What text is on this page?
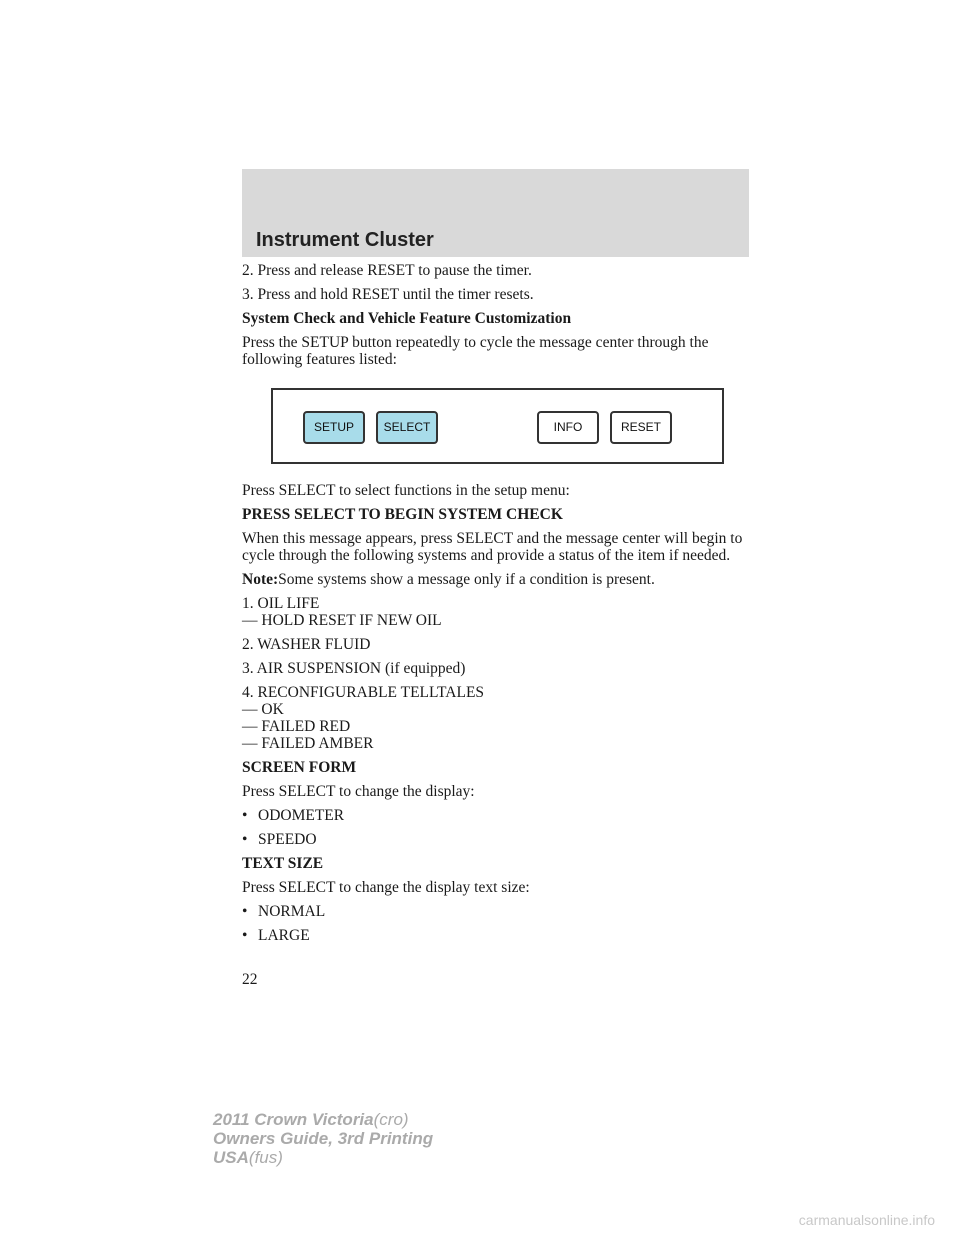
Instrument Cluster

2. Press and release RESET to pause the timer.

3. Press and hold RESET until the timer resets.

System Check and Vehicle Feature Customization

Press the SETUP button repeatedly to cycle the message center through the following features listed:

SETUP	SELECT	INFO	RESET

Press SELECT to select functions in the setup menu:

PRESS SELECT TO BEGIN SYSTEM CHECK

When this message appears, press SELECT and the message center will begin to cycle through the following systems and provide a status of the item if needed.

Note:Some systems show a message only if a condition is present.

1. OIL LIFE
— HOLD RESET IF NEW OIL

2. WASHER FLUID

3. AIR SUSPENSION (if equipped)

4. RECONFIGURABLE TELLTALES
— OK
— FAILED RED
— FAILED AMBER

SCREEN FORM

Press SELECT to change the display:

• ODOMETER
• SPEEDO

TEXT SIZE

Press SELECT to change the display text size:

• NORMAL
• LARGE
22
2011 Crown Victoria(cro)
Owners Guide, 3rd Printing
USA(fus)
carmanualsonline.info
